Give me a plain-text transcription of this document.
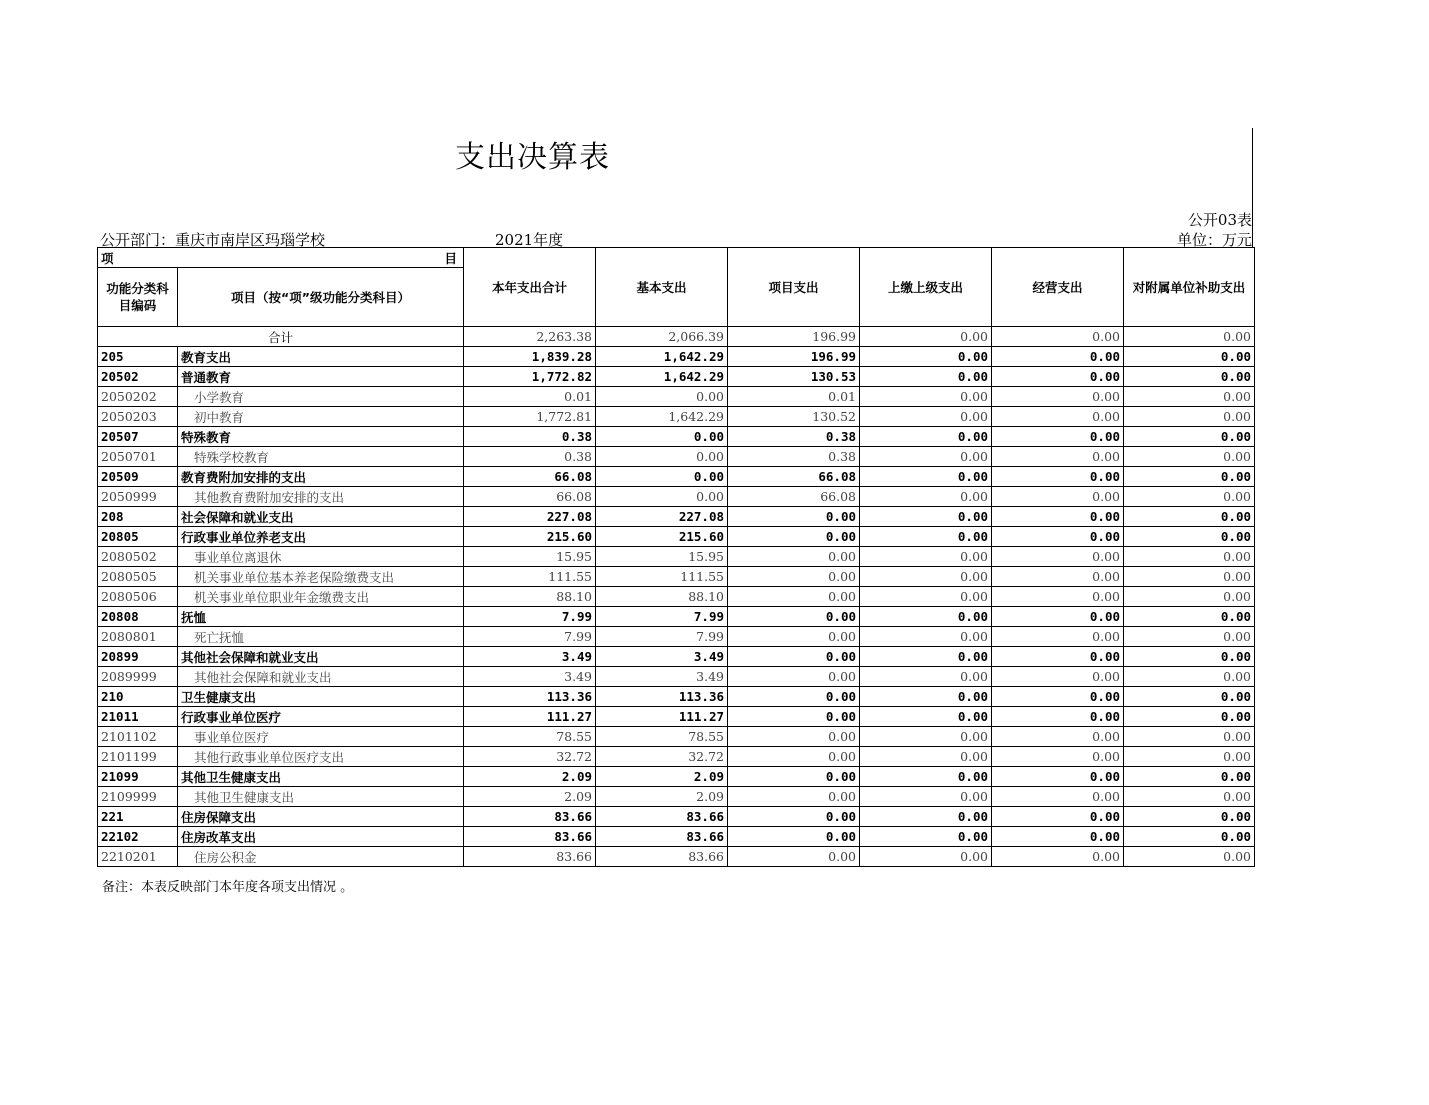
支出决算表
公开03表
公开部门：重庆市南岸区玛瑙学校	2021年度	单位：万元
项 目		本年支出合计	基本支出	项目支出	上缴上级支出	经营支出	对附属单位补助支出
功能分类科目编码	项目（按“项”级功能分类科目）						
合计		2,263.38	2,066.39	196.99	0.00	0.00	0.00
205	教育支出	1,839.28	1,642.29	196.99	0.00	0.00	0.00
20502	普通教育	1,772.82	1,642.29	130.53	0.00	0.00	0.00
2050202	小学教育	0.01	0.00	0.01	0.00	0.00	0.00
2050203	初中教育	1,772.81	1,642.29	130.52	0.00	0.00	0.00
20507	特殊教育	0.38	0.00	0.38	0.00	0.00	0.00
2050701	特殊学校教育	0.38	0.00	0.38	0.00	0.00	0.00
20509	教育费附加安排的支出	66.08	0.00	66.08	0.00	0.00	0.00
2050999	其他教育费附加安排的支出	66.08	0.00	66.08	0.00	0.00	0.00
208	社会保障和就业支出	227.08	227.08	0.00	0.00	0.00	0.00
20805	行政事业单位养老支出	215.60	215.60	0.00	0.00	0.00	0.00
2080502	事业单位离退休	15.95	15.95	0.00	0.00	0.00	0.00
2080505	机关事业单位基本养老保险缴费支出	111.55	111.55	0.00	0.00	0.00	0.00
2080506	机关事业单位职业年金缴费支出	88.10	88.10	0.00	0.00	0.00	0.00
20808	抚恤	7.99	7.99	0.00	0.00	0.00	0.00
2080801	死亡抚恤	7.99	7.99	0.00	0.00	0.00	0.00
20899	其他社会保障和就业支出	3.49	3.49	0.00	0.00	0.00	0.00
2089999	其他社会保障和就业支出	3.49	3.49	0.00	0.00	0.00	0.00
210	卫生健康支出	113.36	113.36	0.00	0.00	0.00	0.00
21011	行政事业单位医疗	111.27	111.27	0.00	0.00	0.00	0.00
2101102	事业单位医疗	78.55	78.55	0.00	0.00	0.00	0.00
2101199	其他行政事业单位医疗支出	32.72	32.72	0.00	0.00	0.00	0.00
21099	其他卫生健康支出	2.09	2.09	0.00	0.00	0.00	0.00
2109999	其他卫生健康支出	2.09	2.09	0.00	0.00	0.00	0.00
221	住房保障支出	83.66	83.66	0.00	0.00	0.00	0.00
22102	住房改革支出	83.66	83.66	0.00	0.00	0.00	0.00
2210201	住房公积金	83.66	83.66	0.00	0.00	0.00	0.00
备注：本表反映部门本年度各项支出情况 。
